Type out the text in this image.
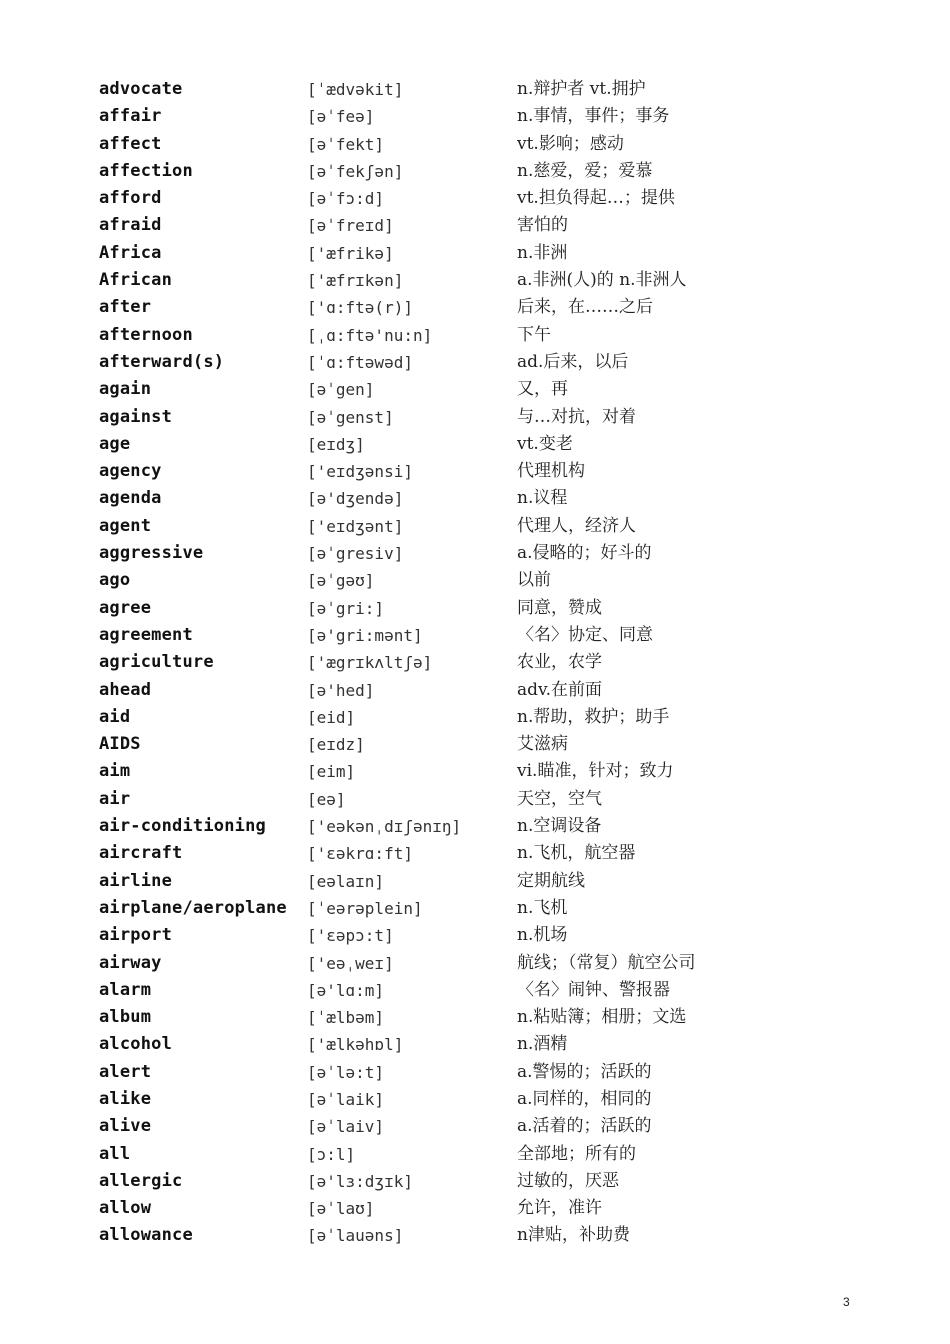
advocate	[ˈædvəkit]	n.辩护者 vt.拥护
affair	[əˈfeə]	n.事情，事件；事务
affect	[əˈfekt]	vt.影响；感动
affection	[əˈfekʃən]	n.慈爱，爱；爱慕
afford	[əˈfɔ:d]	vt.担负得起…；提供
afraid	[əˈfreɪd]	害怕的
Africa	['æfrikə]	n.非洲
African	['æfrɪkən]	a.非洲(人)的 n.非洲人
after	['ɑ:ftə(r)]	后来，在……之后
afternoon	[ˌɑ:ftə'nu:n]	下午
afterward(s)	[ˈɑ:ftəwəd]	ad.后来，以后
again	[əˈgen]	又，再
against	[əˈgenst]	与…对抗，对着
age	[eɪdʒ]	vt.变老
agency	['eɪdʒənsi]	代理机构
agenda	[ə'dʒendə]	n.议程
agent	['eɪdʒənt]	代理人，经济人
aggressive	[əˈgresiv]	a.侵略的；好斗的
ago	[əˈgəʊ]	以前
agree	[əˈgri:]	同意，赞成
agreement	[ə'gri:mənt]	〈名〉协定、同意
agriculture	['ægrɪkʌltʃə]	农业，农学
ahead	[ə'hed]	adv.在前面
aid	[eid]	n.帮助，救护；助手
AIDS	[eɪdz]	艾滋病
aim	[eim]	vi.瞄准，针对；致力
air	[eə]	天空，空气
air-conditioning	['eəkənˌdɪʃənɪŋ]	n.空调设备
aircraft	['ɛəkrɑ:ft]	n.飞机，航空器
airline	[eəlaɪn]	定期航线
airplane/aeroplane [ˈeərəplein]	n.飞机
airport	['ɛəpɔ:t]	n.机场
airway	['eəˌweɪ]	航线；（常复）航空公司
alarm	[ə'lɑ:m]	〈名〉闹钟、警报器
album	[ˈælbəm]	n.粘贴簿；相册；文选
alcohol	['ælkəhɒl]	n.酒精
alert	[əˈlə:t]	a.警惕的；活跃的
alike	[əˈlaik]	a.同样的，相同的
alive	[əˈlaiv]	a.活着的；活跃的
all	[ɔ:l]	全部地；所有的
allergic	[ə'lɜ:dʒɪk]	过敏的，厌恶
allow	[əˈlaʊ]	允许，准许
allowance	[əˈlauəns]	n津贴，补助费
3
